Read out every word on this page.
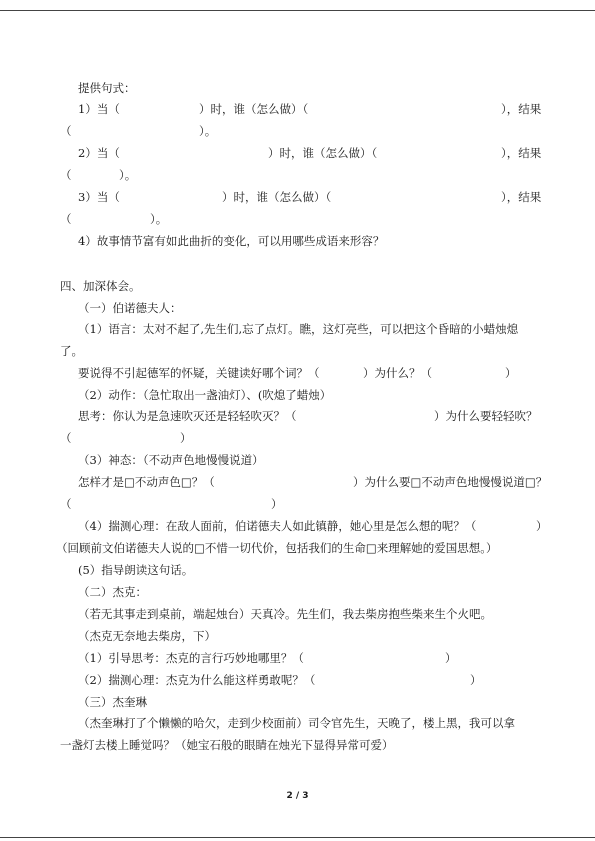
提供句式：
1）当（	）时，谁（怎么做）（	），结果
（	）。
2）当（	）时，谁（怎么做）（	），结果
（	）。
3）当（	）时，谁（怎么做）（	），结果
（	）。
4）故事情节富有如此曲折的变化，可以用哪些成语来形容？
四、加深体会。
（一）伯诺德夫人：
（1）语言：太对不起了,先生们,忘了点灯。瞧，这灯亮些，可以把这个昏暗的小蜡烛熄
了。
要说得不引起德军的怀疑，关键读好哪个词？（	）为什么？（	）
（2）动作：（急忙取出一盏油灯）、(吹熄了蜡烛）
思考：你认为是急速吹灭还是轻轻吹灭？（	）为什么要轻轻吹？
（	）
（3）神态：（不动声色地慢慢说道）
怎样才是□不动声色□？（	）为什么要□不动声色地慢慢说道□？
（	）
（4）揣测心理：在敌人面前，伯诺德夫人如此镇静，她心里是怎么想的呢？（	）
（回顾前文伯诺德夫人说的□不惜一切代价，包括我们的生命□来理解她的爱国思想。）
(5）指导朗读这句话。
（二）杰克：
（若无其事走到桌前，端起烛台）天真冷。先生们，我去柴房抱些柴来生个火吧。
（杰克无奈地去柴房，下）
（1）引导思考：杰克的言行巧妙地哪里？（	）
（2）揣测心理：杰克为什么能这样勇敢呢？（	）
（三）杰奎琳
（杰奎琳打了个懒懒的哈欠，走到少校面前）司令官先生，天晚了，楼上黑，我可以拿
一盏灯去楼上睡觉吗？（她宝石般的眼睛在烛光下显得异常可爱）
2 / 3
